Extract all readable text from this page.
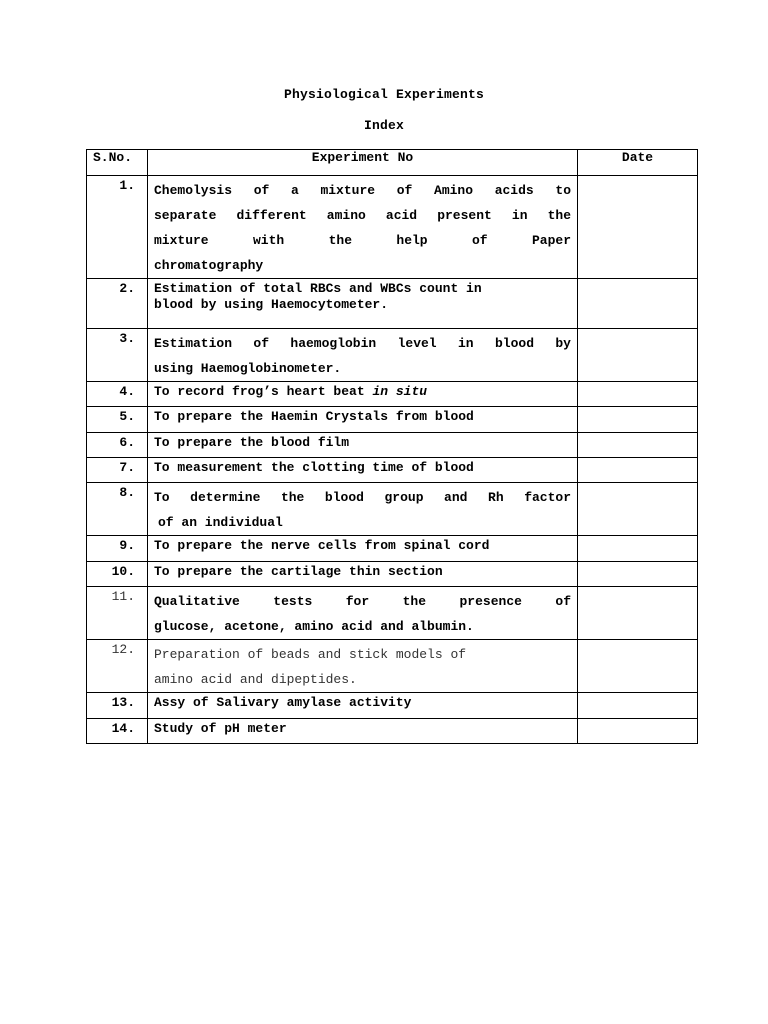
Physiological Experiments
Index
S.No.	Experiment No	Date
1.	Chemolysis of a mixture of Amino acids to
separate different amino acid present in the
mixture with the help of Paper
chromatography	

2.	Estimation of total RBCs and WBCs count in
blood by using Haemocytometer.	

3.	Estimation of haemoglobin level in blood by
using Haemoglobinometer.	

4.	To record frog’s heart beat in situ	
5.	To prepare the Haemin Crystals from blood	
6.	To prepare the blood film	
7.	To measurement the clotting time of blood	
8.	To determine the blood group and Rh factor
of an individual	

9.	To prepare the nerve cells from spinal cord	
10.	To prepare the cartilage thin section	
11.	Qualitative tests for the presence of
glucose, acetone, amino acid and albumin.	

12.	Preparation of beads and stick models of
amino acid and dipeptides.	

13.	Assy of Salivary amylase activity	
14.	Study of pH meter	
